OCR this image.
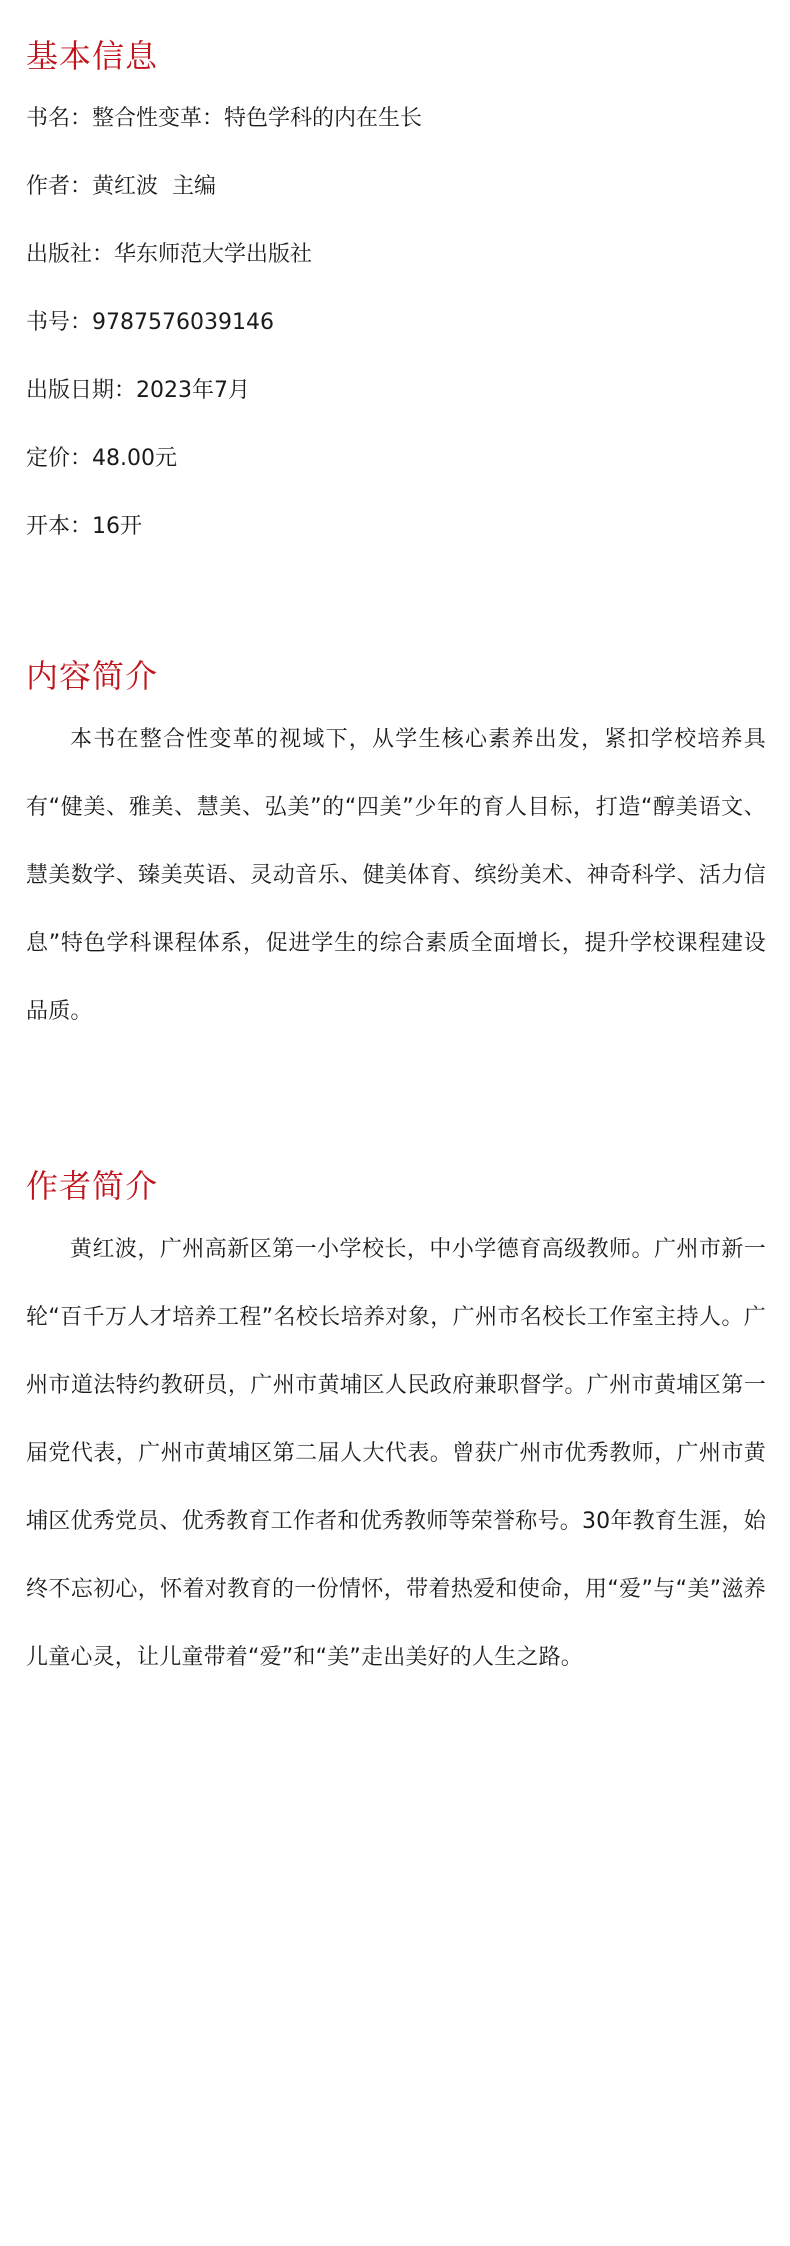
基本信息
书名： 整合性变革：特色学科的内在生长
作者： 黄红波  主编
出版社： 华东师范大学出版社
书号： 9787576039146
出版日期： 2023年7月
定价： 48.00元
开本： 16开
内容简介

本书在整合性变革的视域下，从学生核心素养出发，紧扣学校培养具有“健美、雅美、慧美、弘美”的“四美”少年的育人目标，打造“醇美语文、慧美数学、臻美英语、灵动音乐、健美体育、缤纷美术、神奇科学、活力信息”特色学科课程体系，促进学生的综合素质全面增长，提升学校课程建设品质。

作者简介

黄红波，广州高新区第一小学校长，中小学德育高级教师。广州市新一轮“百千万人才培养工程”名校长培养对象，广州市名校长工作室主持人。广州市道法特约教研员，广州市黄埔区人民政府兼职督学。广州市黄埔区第一届党代表，广州市黄埔区第二届人大代表。曾获广州市优秀教师，广州市黄埔区优秀党员、优秀教育工作者和优秀教师等荣誉称号。30年教育生涯，始终不忘初心，怀着对教育的一份情怀，带着热爱和使命，用“爱”与“美”滋养儿童心灵，让儿童带着“爱”和“美”走出美好的人生之路。
